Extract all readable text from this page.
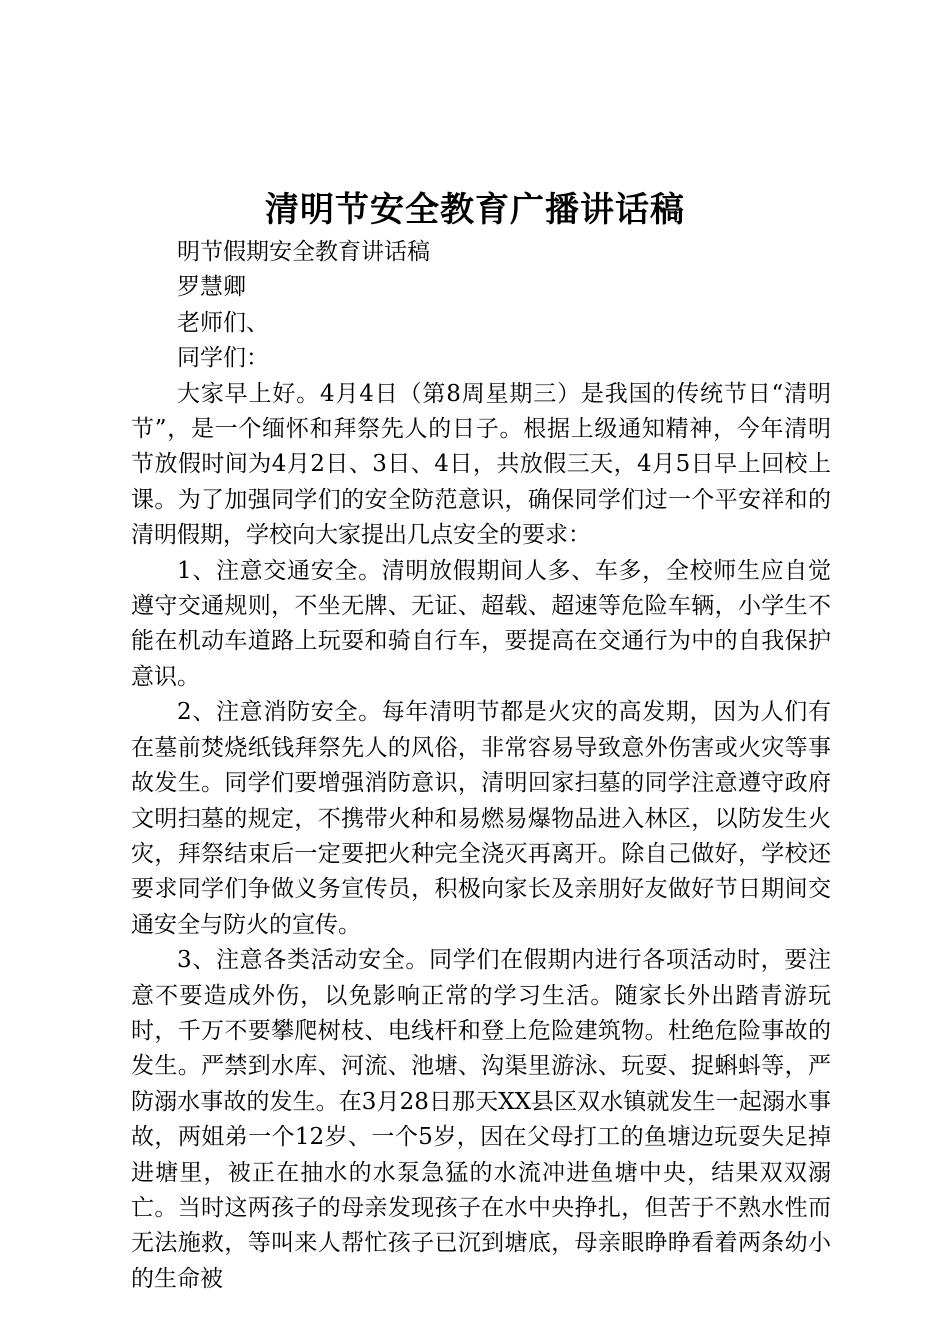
清明节安全教育广播讲话稿

明节假期安全教育讲话稿

罗慧卿

老师们、

同学们：

大家早上好。4月4日（第8周星期三）是我国的传统节日“清明节”，是一个缅怀和拜祭先人的日子。根据上级通知精神，今年清明节放假时间为4月2日、3日、4日，共放假三天，4月5日早上回校上课。为了加强同学们的安全防范意识，确保同学们过一个平安祥和的清明假期，学校向大家提出几点安全的要求：

1、注意交通安全。清明放假期间人多、车多，全校师生应自觉遵守交通规则，不坐无牌、无证、超载、超速等危险车辆，小学生不能在机动车道路上玩耍和骑自行车，要提高在交通行为中的自我保护意识。

2、注意消防安全。每年清明节都是火灾的高发期，因为人们有在墓前焚烧纸钱拜祭先人的风俗，非常容易导致意外伤害或火灾等事故发生。同学们要增强消防意识，清明回家扫墓的同学注意遵守政府文明扫墓的规定，不携带火种和易燃易爆物品进入林区，以防发生火灾，拜祭结束后一定要把火种完全浇灭再离开。除自己做好，学校还要求同学们争做义务宣传员，积极向家长及亲朋好友做好节日期间交通安全与防火的宣传。

3、注意各类活动安全。同学们在假期内进行各项活动时，要注意不要造成外伤，以免影响正常的学习生活。随家长外出踏青游玩时，千万不要攀爬树枝、电线杆和登上危险建筑物。杜绝危险事故的发生。严禁到水库、河流、池塘、沟渠里游泳、玩耍、捉蝌蚪等，严防溺水事故的发生。在3月28日那天XX县区双水镇就发生一起溺水事故，两姐弟一个12岁、一个5岁，因在父母打工的鱼塘边玩耍失足掉进塘里，被正在抽水的水泵急猛的水流冲进鱼塘中央，结果双双溺亡。当时这两孩子的母亲发现孩子在水中央挣扎，但苦于不熟水性而无法施救，等叫来人帮忙孩子已沉到塘底，母亲眼睁睁看着两条幼小的生命被
